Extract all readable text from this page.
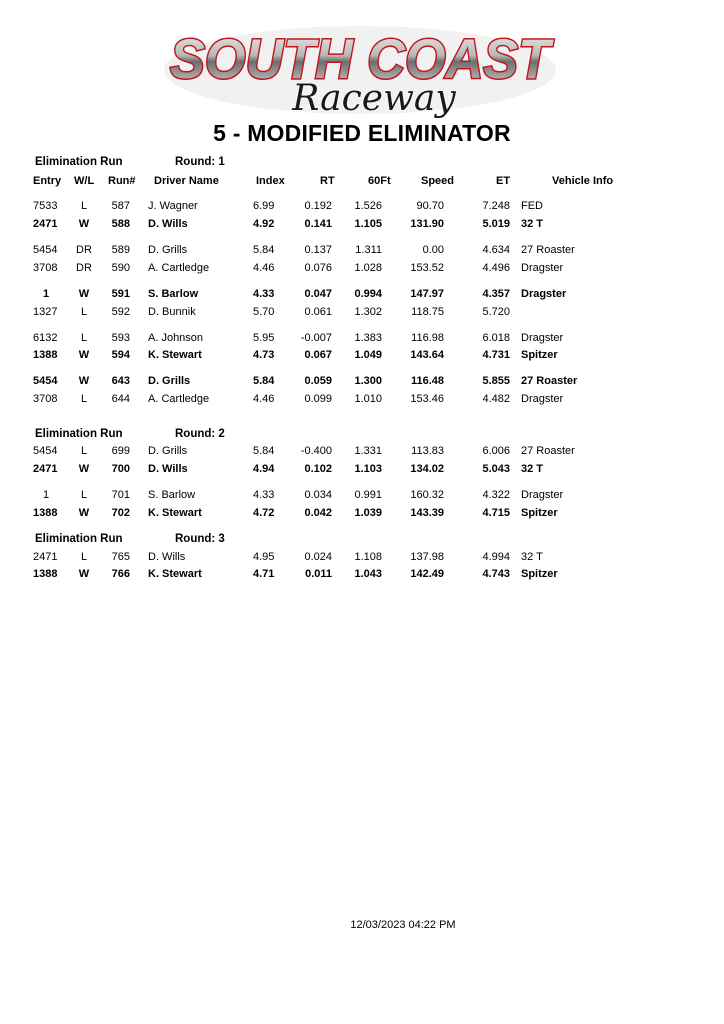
SOUTH COAST
Raceway
5 - MODIFIED ELIMINATOR
Elimination Run	Round: 1
Entry W/L Run# Driver Name	Index	RT	60Ft	Speed	ET	Vehicle Info
Elimination Run	Round: 2
Elimination Run	Round: 3
7533	L	587 J. Wagner	6.99	0.192	1.526	90.70	7.248 FED
2471	W	588 D. Wills	4.92	0.141	1.105	131.90	5.019 32 T
5454	DR	589 D. Grills	5.84	0.137	1.311	0.00	4.634 27 Roaster
3708	DR	590 A. Cartledge	4.46	0.076	1.028	153.52	4.496 Dragster
1	W	591 S. Barlow	4.33	0.047	0.994	147.97	4.357 Dragster
1327	L	592 D. Bunnik	5.70	0.061	1.302	118.75	5.720
6132	L	593 A. Johnson	5.95	-0.007	1.383	116.98	6.018 Dragster
1388	W	594 K. Stewart	4.73	0.067	1.049	143.64	4.731 Spitzer
5454	W	643 D. Grills	5.84	0.059	1.300	116.48	5.855 27 Roaster
3708	L	644 A. Cartledge	4.46	0.099	1.010	153.46	4.482 Dragster
5454	L	699 D. Grills	5.84	-0.400	1.331	113.83	6.006 27 Roaster
2471	W	700 D. Wills	4.94	0.102	1.103	134.02	5.043 32 T
1	L	701 S. Barlow	4.33	0.034	0.991	160.32	4.322 Dragster
1388	W	702 K. Stewart	4.72	0.042	1.039	143.39	4.715 Spitzer
2471	L	765 D. Wills	4.95	0.024	1.108	137.98	4.994 32 T
1388	W	766 K. Stewart	4.71	0.011	1.043	142.49	4.743 Spitzer
12/03/2023 04:22 PM
